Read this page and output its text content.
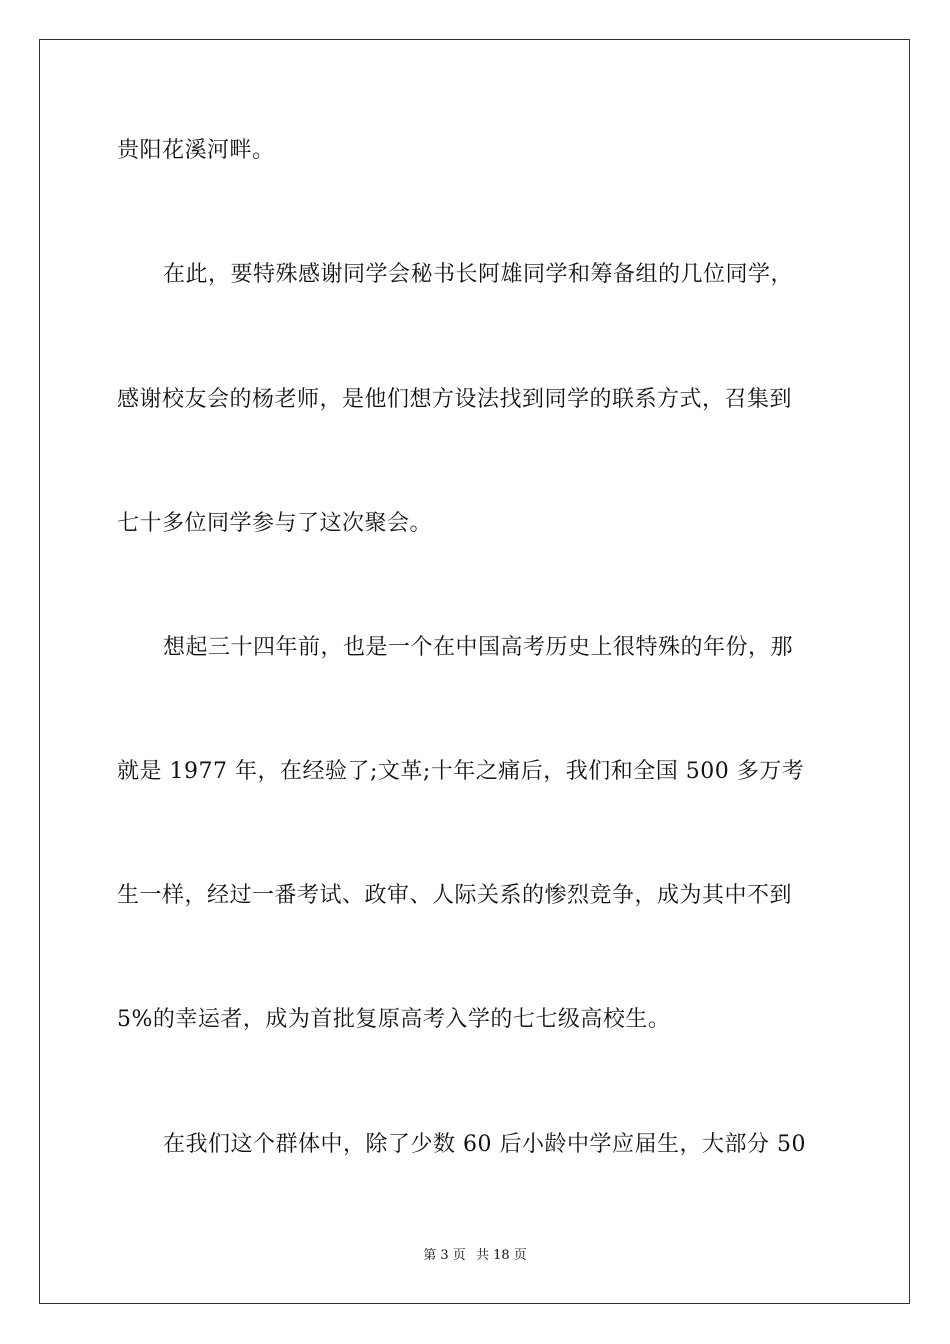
贵阳花溪河畔。
在此，要特殊感谢同学会秘书长阿雄同学和筹备组的几位同学，
感谢校友会的杨老师，是他们想方设法找到同学的联系方式，召集到
七十多位同学参与了这次聚会。
想起三十四年前，也是一个在中国高考历史上很特殊的年份，那
就是 1977 年，在经验了;文革;十年之痛后，我们和全国 500 多万考
生一样，经过一番考试、政审、人际关系的惨烈竞争，成为其中不到
5%的幸运者，成为首批复原高考入学的七七级高校生。
在我们这个群体中，除了少数 60 后小龄中学应届生，大部分 50
第 3 页 共 18 页
